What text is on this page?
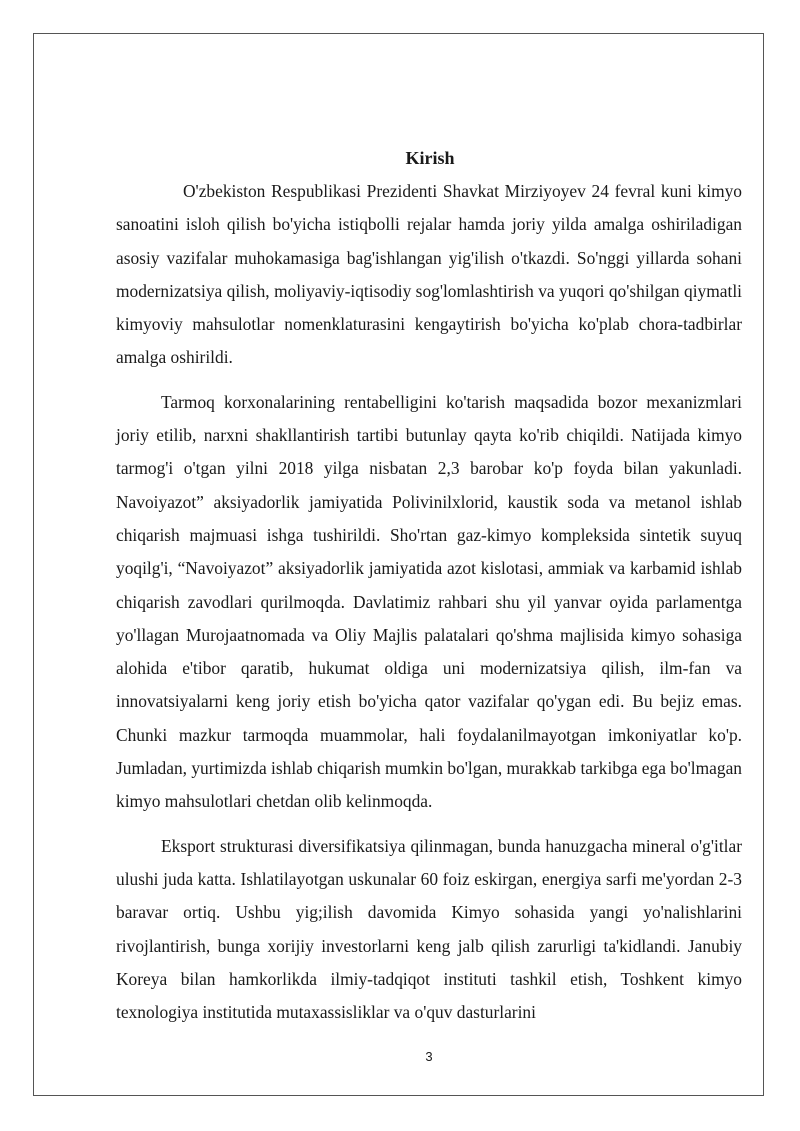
Kirish

O'zbekiston Respublikasi Prezidenti Shavkat Mirziyoyev 24 fevral kuni kimyo sanoatini isloh qilish bo'yicha istiqbolli rejalar hamda joriy yilda amalga oshiriladigan asosiy vazifalar muhokamasiga bag'ishlangan yig'ilish o'tkazdi. So'nggi yillarda sohani modernizatsiya qilish, moliyaviy-iqtisodiy sog'lomlashtirish va yuqori qo'shilgan qiymatli kimyoviy mahsulotlar nomenklaturasini kengaytirish bo'yicha ko'plab chora-tadbirlar amalga oshirildi.

Tarmoq korxonalarining rentabelligini ko'tarish maqsadida bozor mexanizmlari joriy etilib, narxni shakllantirish tartibi butunlay qayta ko'rib chiqildi. Natijada kimyo tarmog'i o'tgan yilni 2018 yilga nisbatan 2,3 barobar ko'p foyda bilan yakunladi. Navoiyazot” aksiyadorlik jamiyatida Polivinilxlorid, kaustik soda va metanol ishlab chiqarish majmuasi ishga tushirildi. Sho'rtan gaz-kimyo kompleksida sintetik suyuq yoqilg'i, “Navoiyazot” aksiyadorlik jamiyatida azot kislotasi, ammiak va karbamid ishlab chiqarish zavodlari qurilmoqda. Davlatimiz rahbari shu yil yanvar oyida parlamentga yo'llagan Murojaatnomada va Oliy Majlis palatalari qo'shma majlisida kimyo sohasiga alohida e'tibor qaratib, hukumat oldiga uni modernizatsiya qilish, ilm-fan va innovatsiyalarni keng joriy etish bo'yicha qator vazifalar qo'ygan edi. Bu bejiz emas. Chunki mazkur tarmoqda muammolar, hali foydalanilmayotgan imkoniyatlar ko'p. Jumladan, yurtimizda ishlab chiqarish mumkin bo'lgan, murakkab tarkibga ega bo'lmagan kimyo mahsulotlari chetdan olib kelinmoqda.

Eksport strukturasi diversifikatsiya qilinmagan, bunda hanuzgacha mineral o'g'itlar ulushi juda katta. Ishlatilayotgan uskunalar 60 foiz eskirgan, energiya sarfi me'yordan 2-3 baravar ortiq. Ushbu yig;ilish davomida Kimyo sohasida yangi yo'nalishlarini rivojlantirish, bunga xorijiy investorlarni keng jalb qilish zarurligi ta'kidlandi. Janubiy Koreya bilan hamkorlikda ilmiy-tadqiqot instituti tashkil etish, Toshkent kimyo texnologiya institutida mutaxassisliklar va o'quv dasturlarini

3
